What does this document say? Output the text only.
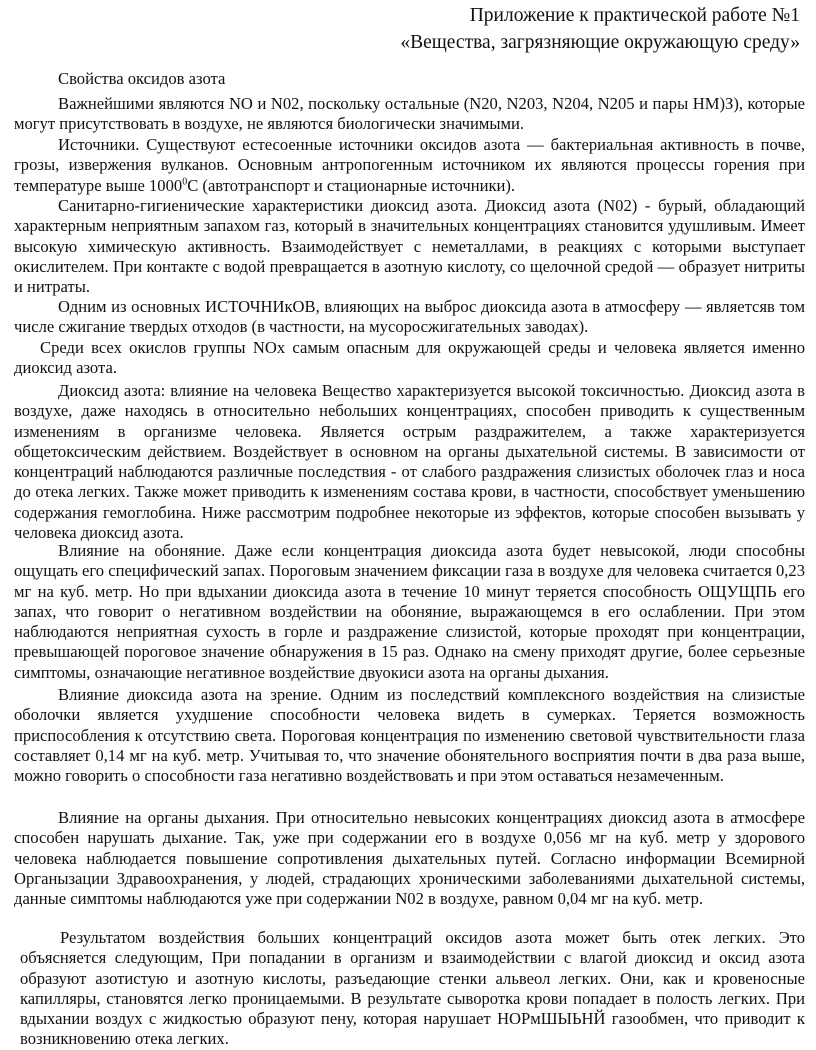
Приложение к практической работе №1
«Вещества, загрязняющие окружающую среду»

Свойства оксидов азота

Важнейшими являются NO и N02, поскольку остальные (N20, N203, N204, N205 и пары НМ)З), которые могут присутствовать в воздухе, не являются биологически значимыми.

Источники. Существуют естесоенные источники оксидов азота — бактериальная активность в почве, грозы, извержения вулканов. Основным антропогенным источником их являются процессы горения при температуре выше 1000$^0$С (автотранспорт и стационарные источники).

Санитарно-гигиенические характеристики диоксид азота. Диоксид азота (N02) - бурый, обладающий характерным неприятным запахом газ, который в значительных концентрациях становится удушливым. Имеет высокую химическую активность. Взаимодействует с неметаллами, в реакциях с которыми выступает окислителем. При контакте с водой превращается в азотную кислоту, со щелочной средой — образует нитриты и нитраты.

Одним из основных ИСТОЧНИкОВ, влияющих на выброс диоксида азота в атмосферу — являетсяв том числе сжигание твердых отходов (в частности, на мусоросжигательных заводах).

Среди всех окислов группы NOx самым опасным для окружающей среды и человека является именно диоксид азота.

Диоксид азота: влияние на человека Вещество характеризуется высокой токсичностью. Диоксид азота в воздухе, даже находясь в относительно небольших концентрациях, способен приводить к существенным изменениям в организме человека. Является острым раздражителем, а также характеризуется общетоксическим действием. Воздействует в основном на органы дыхательной системы. В зависимости от концентраций наблюдаются различные последствия - от слабого раздражения слизистых оболочек глаз и носа до отека легких. Также может приводить к изменениям состава крови, в частности, способствует уменьшению содержания гемоглобина. Ниже рассмотрим подробнее некоторые из эффектов, которые способен вызывать у человека диоксид азота.

Влияние на обоняние. Даже если концентрация диоксида азота будет невысокой, люди способны ощущать его специфический запах. Пороговым значением фиксации газа в воздухе для человека считается 0,23 мг на куб. метр. Но при вдыхании диоксида азота в течение 10 минут теряется способность ОЩУЩПЬ его запах, что говорит о негативном воздействии на обоняние, выражающемся в его ослаблении. При этом наблюдаются неприятная сухость в горле и раздражение слизистой, которые проходят при концентрации, превышающей пороговое значение обнаружения в 15 раз. Однако на смену приходят другие, более серьезные симптомы, означающие негативное воздействие двуокиси азота на органы дыхания.

Влияние диоксида азота на зрение. Одним из последствий комплексного воздействия на слизистые оболочки является ухудшение способности человека видеть в сумерках. Теряется возможность приспособления к отсутствию света. Пороговая концентрация по изменению световой чувствительности глаза составляет 0,14 мг на куб. метр. Учитывая то, что значение обонятельного восприятия почти в два раза выше, можно говорить о способности газа негативно воздействовать и при этом оставаться незамеченным.

Влияние на органы дыхания. При относительно невысоких концентрациях диоксид азота в атмосфере способен нарушать дыхание. Так, уже при содержании его в воздухе 0,056 мг на куб. метр у здорового человека наблюдается повышение сопротивления дыхательных путей. Согласно информации Всемирной Органызации Здравоохранения, у людей, страдающих хроническими заболеваниями дыхательной системы, данные симптомы наблюдаются уже при содержании N02 в воздухе, равном 0,04 мг на куб. метр.

Результатом воздействия больших концентраций оксидов азота может быть отек легких. Это объясняется следующим, При попадании в организм и взаимодействии с влагой диоксид и оксид азота образуют азотистую и азотную кислоты, разъедающие стенки альвеол легких. Они, как и кровеносные капилляры, становятся легко проницаемыми. В результате сыворотка крови попадает в полость легких. При вдыхании воздух с жидкостью образуют пену, которая нарушает НОРмШЫЬНЙ газообмен, что приводит к возникновению отека легких.
